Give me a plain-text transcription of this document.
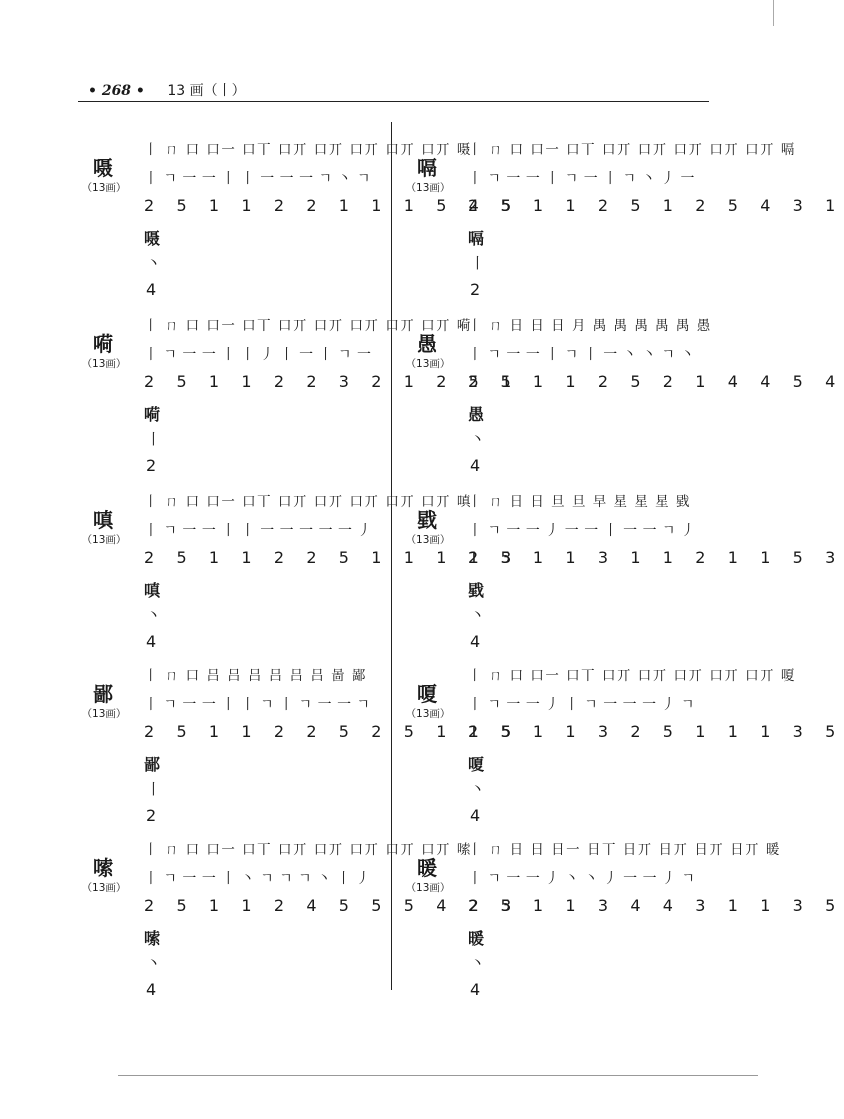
• 268 • 13 画（丨）
嗫
（13画）
丨 ㄇ 口 口一 口丅 口丌 口丌 口丌 口丌 口丌 嗫
丨 ㄱ 一 一 丨 丨 一 一 一 ㄱ 丶 ㄱ
2 5 1 1 2 2 1 1 1 5 4 5
嗫
丶
4
嗬
（13画）
丨 ㄇ 口 口一 口丅 口丌 口丌 口丌 口丌 口丌 嗬
丨 ㄱ 一 一 丨 丨 丿 丨 一 丨 ㄱ 一
2 5 1 1 2 2 3 2 1 2 5 1
嗬
丨
2
嗔
（13画）
丨 ㄇ 口 口一 口丅 口丌 口丌 口丌 口丌 口丌 嗔
丨 ㄱ 一 一 丨 丨 一 一 一 一 一 丿
2 5 1 1 2 2 5 1 1 1 1 3
嗔
丶
4
鄙
（13画）
丨 ㄇ 口 吕 吕 吕 吕 吕 吕 啚 鄙
丨 ㄱ 一 一 丨 丨 ㄱ 丨 ㄱ 一 一 ㄱ
2 5 1 1 2 2 5 2 5 1 1 5
鄙
丨
2
嗦
（13画）
丨 ㄇ 口 口一 口丅 口丌 口丌 口丌 口丌 口丌 嗦
丨 ㄱ 一 一 丨 丶 ㄱ ㄱ ㄱ 丶 丨 丿
2 5 1 1 2 4 5 5 5 4 2 3
嗦
丶
4
嗝
（13画）
丨 ㄇ 口 口一 口丅 口丌 口丌 口丌 口丌 口丌 嗝
丨 ㄱ 一 一 丨 ㄱ 一 丨 ㄱ 丶 丿 一
2 5 1 1 2 5 1 2 5 4 3 1
嗝
丨
2
愚
（13画）
丨 ㄇ 日 日 日 月 禺 禺 禺 禺 禺 愚
丨 ㄱ 一 一 丨 ㄱ 丨 一 丶 丶 ㄱ 丶
2 5 1 1 2 5 2 1 4 4 5 4
愚
丶
4
戥
（13画）
丨 ㄇ 日 日 旦 旦 早 星 星 星 戥
丨 ㄱ 一 一 丿 一 一 丨 一 一 ㄱ 丿
2 5 1 1 3 1 1 2 1 1 5 3
戥
丶
4
嗄
（13画）
丨 ㄇ 口 口一 口丅 口丌 口丌 口丌 口丌 口丌 嗄
丨 ㄱ 一 一 丿 丨 ㄱ 一 一 一 丿 ㄱ
2 5 1 1 3 2 5 1 1 1 3 5
嗄
丶
4
暖
（13画）
丨 ㄇ 日 日 日一 日丅 日丌 日丌 日丌 日丌 暖
丨 ㄱ 一 一 丿 丶 丶 丿 一 一 丿 ㄱ
2 5 1 1 3 4 4 3 1 1 3 5
暖
丶
4
